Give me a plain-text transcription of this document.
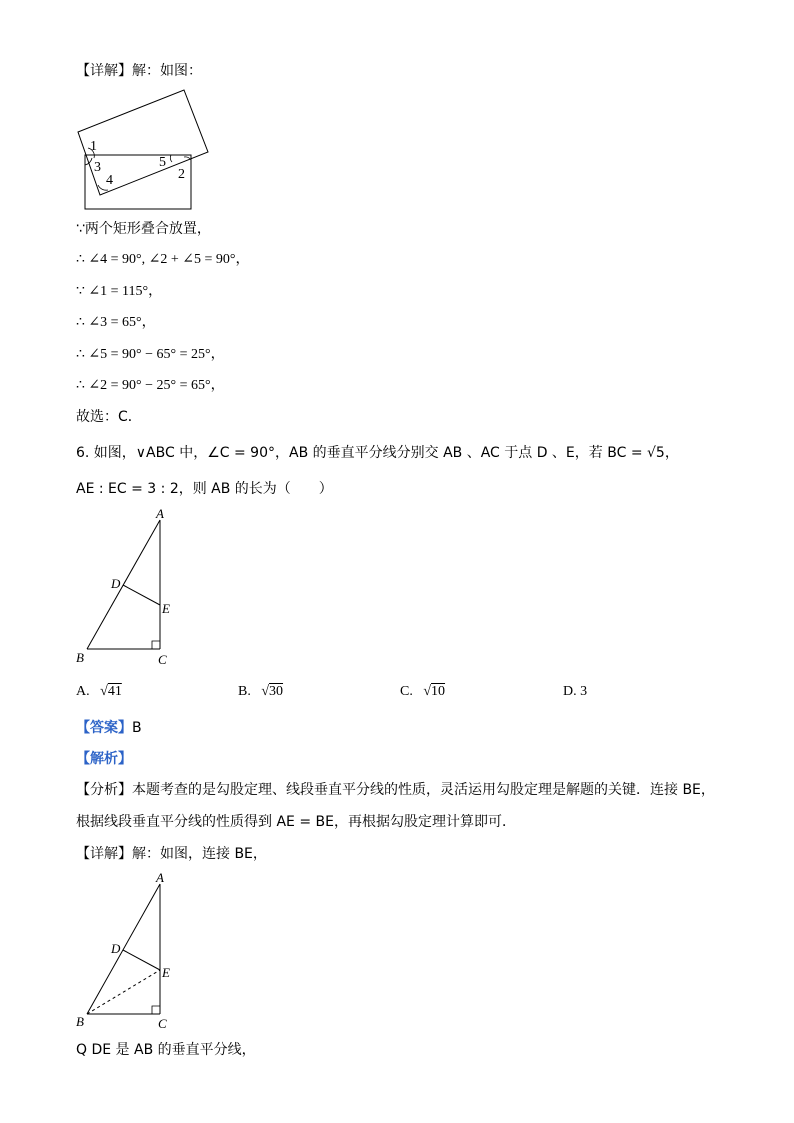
【详解】解：如图：
1
3
4
5
2
∵两个矩形叠合放置，
∴ ∠4 = 90°, ∠2 + ∠5 = 90°，
∵ ∠1 = 115°，
∴ ∠3 = 65°，
∴ ∠5 = 90° − 65° = 25°，
∴ ∠2 = 90° − 25° = 65°，
故选：C．
6. 如图，∨ABC 中，∠C = 90°，AB 的垂直平分线分别交 AB 、AC 于点 D 、E，若 BC = √5，
AE : EC = 3 : 2，则 AB 的长为（　　）
A
D
E
B	C
A.   √41	B.   √30	C.   √10	D. 3
【答案】B
【解析】
【分析】本题考查的是勾股定理、线段垂直平分线的性质，灵活运用勾股定理是解题的关键．连接 BE，
根据线段垂直平分线的性质得到 AE = BE，再根据勾股定理计算即可．
【详解】解：如图，连接 BE，
A
D
E
B	C
Q DE 是 AB 的垂直平分线，
